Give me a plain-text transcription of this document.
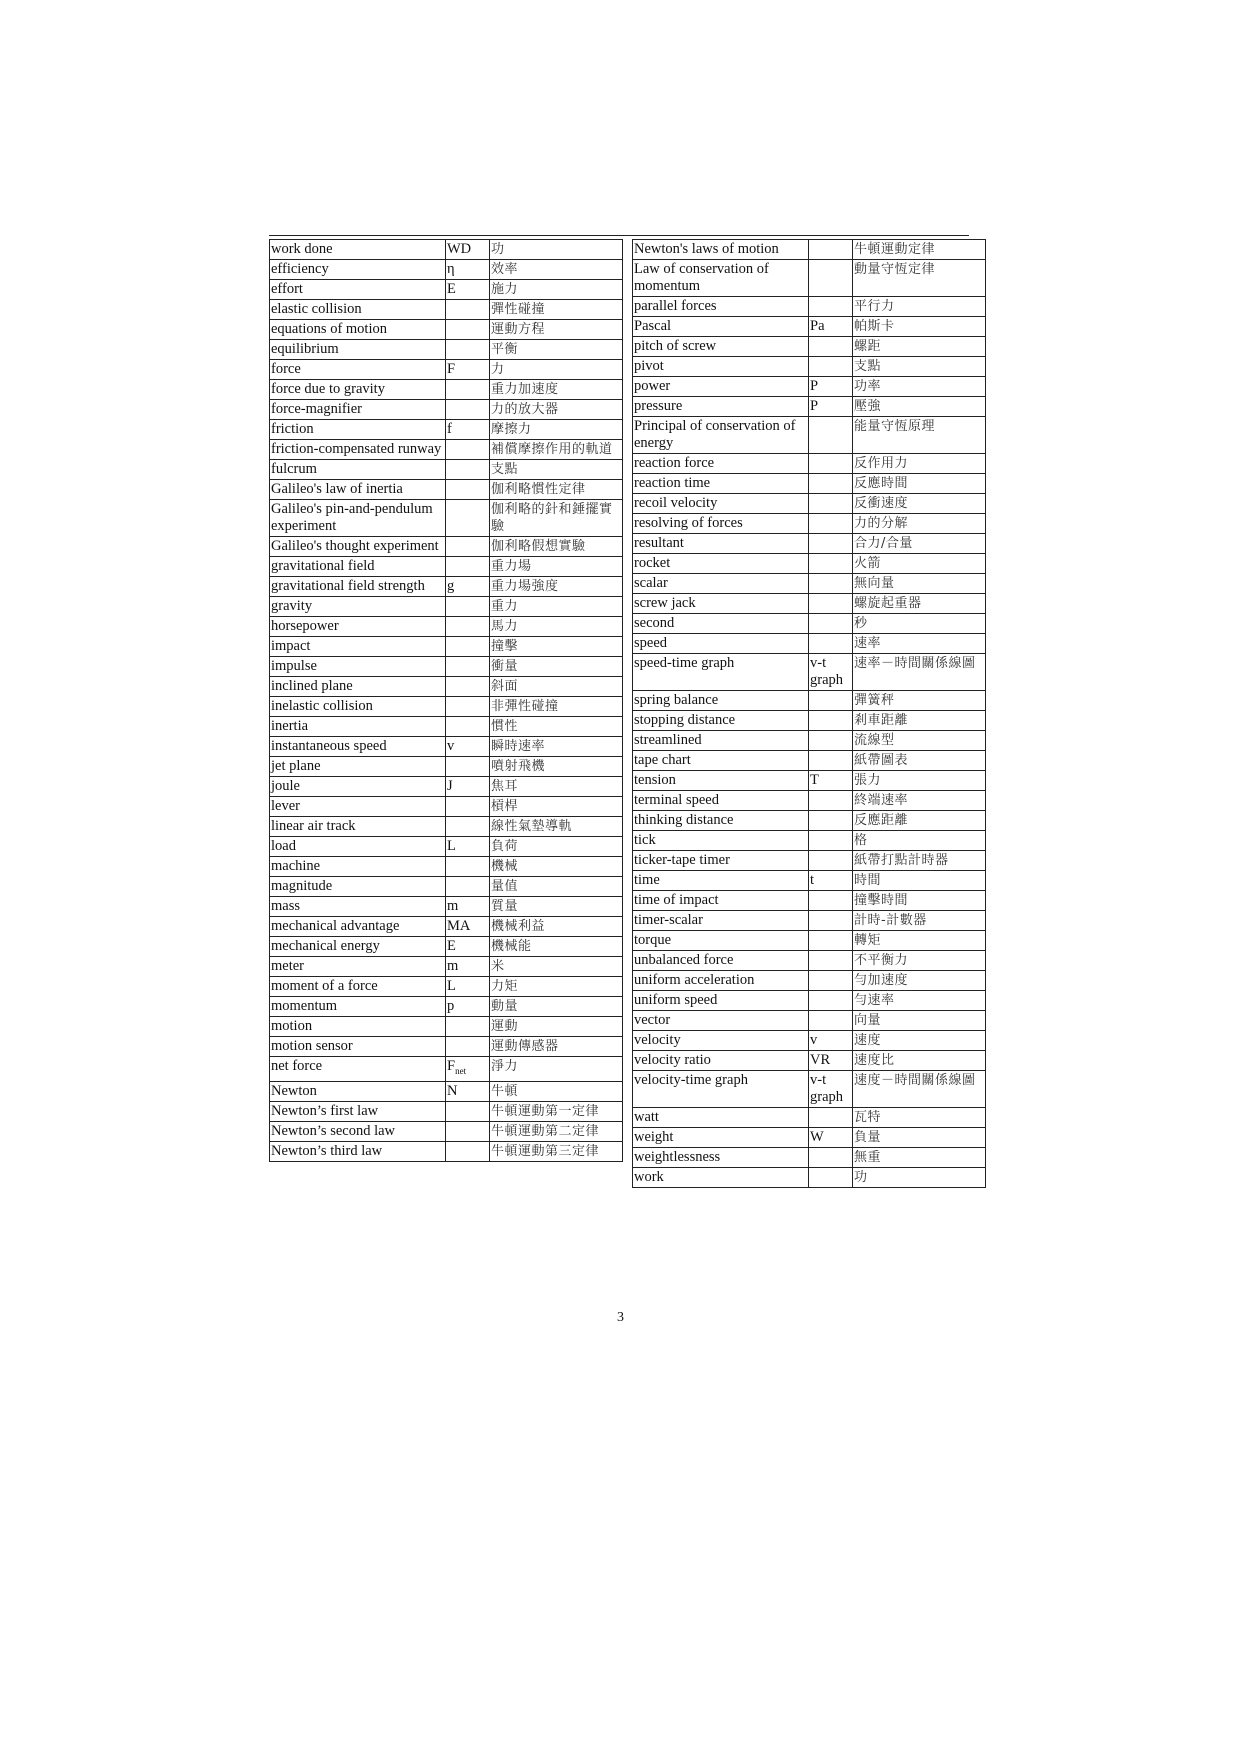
work done	WD	功
efficiency	η	效率
effort	E	施力
elastic collision		彈性碰撞
equations of motion		運動方程
equilibrium		平衡
force	F	力
force due to gravity		重力加速度
force-magnifier		力的放大器
friction	f	摩擦力
friction-compensated runway		補償摩擦作用的軌道
fulcrum		支點
Galileo's law of inertia		伽利略慣性定律
Galileo's pin-and-pendulum experiment		伽利略的針和錘擺實驗
Galileo's thought experiment		伽利略假想實驗
gravitational field		重力場
gravitational field strength	g	重力場強度
gravity		重力
horsepower		馬力
impact		撞擊
impulse		衝量
inclined plane		斜面
inelastic collision		非彈性碰撞
inertia		慣性
instantaneous speed	v	瞬時速率
jet plane		噴射飛機
joule	J	焦耳
lever		槓桿
linear air track		線性氣墊導軌
load	L	負荷
machine		機械
magnitude		量值
mass	m	質量
mechanical advantage	MA	機械利益
mechanical energy	E	機械能
meter	m	米
moment of a force	L	力矩
momentum	p	動量
motion		運動
motion sensor		運動傳感器
net force	$F_{net}$	淨力
Newton	N	牛頓
Newton’s first law		牛頓運動第一定律
Newton’s second law		牛頓運動第二定律
Newton’s third law		牛頓運動第三定律
Newton's laws of motion		牛頓運動定律
Law of conservation of momentum		動量守恆定律
parallel forces		平行力
Pascal	Pa	帕斯卡
pitch of screw		螺距
pivot		支點
power	P	功率
pressure	P	壓強
Principal of conservation of energy		能量守恆原理
reaction force		反作用力
reaction time		反應時間
recoil velocity		反衝速度
resolving of forces		力的分解
resultant		合力/合量
rocket		火箭
scalar		無向量
screw jack		螺旋起重器
second		秒
speed		速率
speed-time graph	v-t graph	速率－時間關係線圖
spring balance		彈簧秤
stopping distance		剎車距離
streamlined		流線型
tape chart		紙帶圖表
tension	T	張力
terminal speed		終端速率
thinking distance		反應距離
tick		格
ticker-tape timer		紙帶打點計時器
time	t	時間
time of impact		撞擊時間
timer-scalar		計時-計數器
torque		轉矩
unbalanced force		不平衡力
uniform acceleration		勻加速度
uniform speed		勻速率
vector		向量
velocity	v	速度
velocity ratio	VR	速度比
velocity-time graph	v-t graph	速度－時間關係線圖
watt		瓦特
weight	W	負量
weightlessness		無重
work		功
3
